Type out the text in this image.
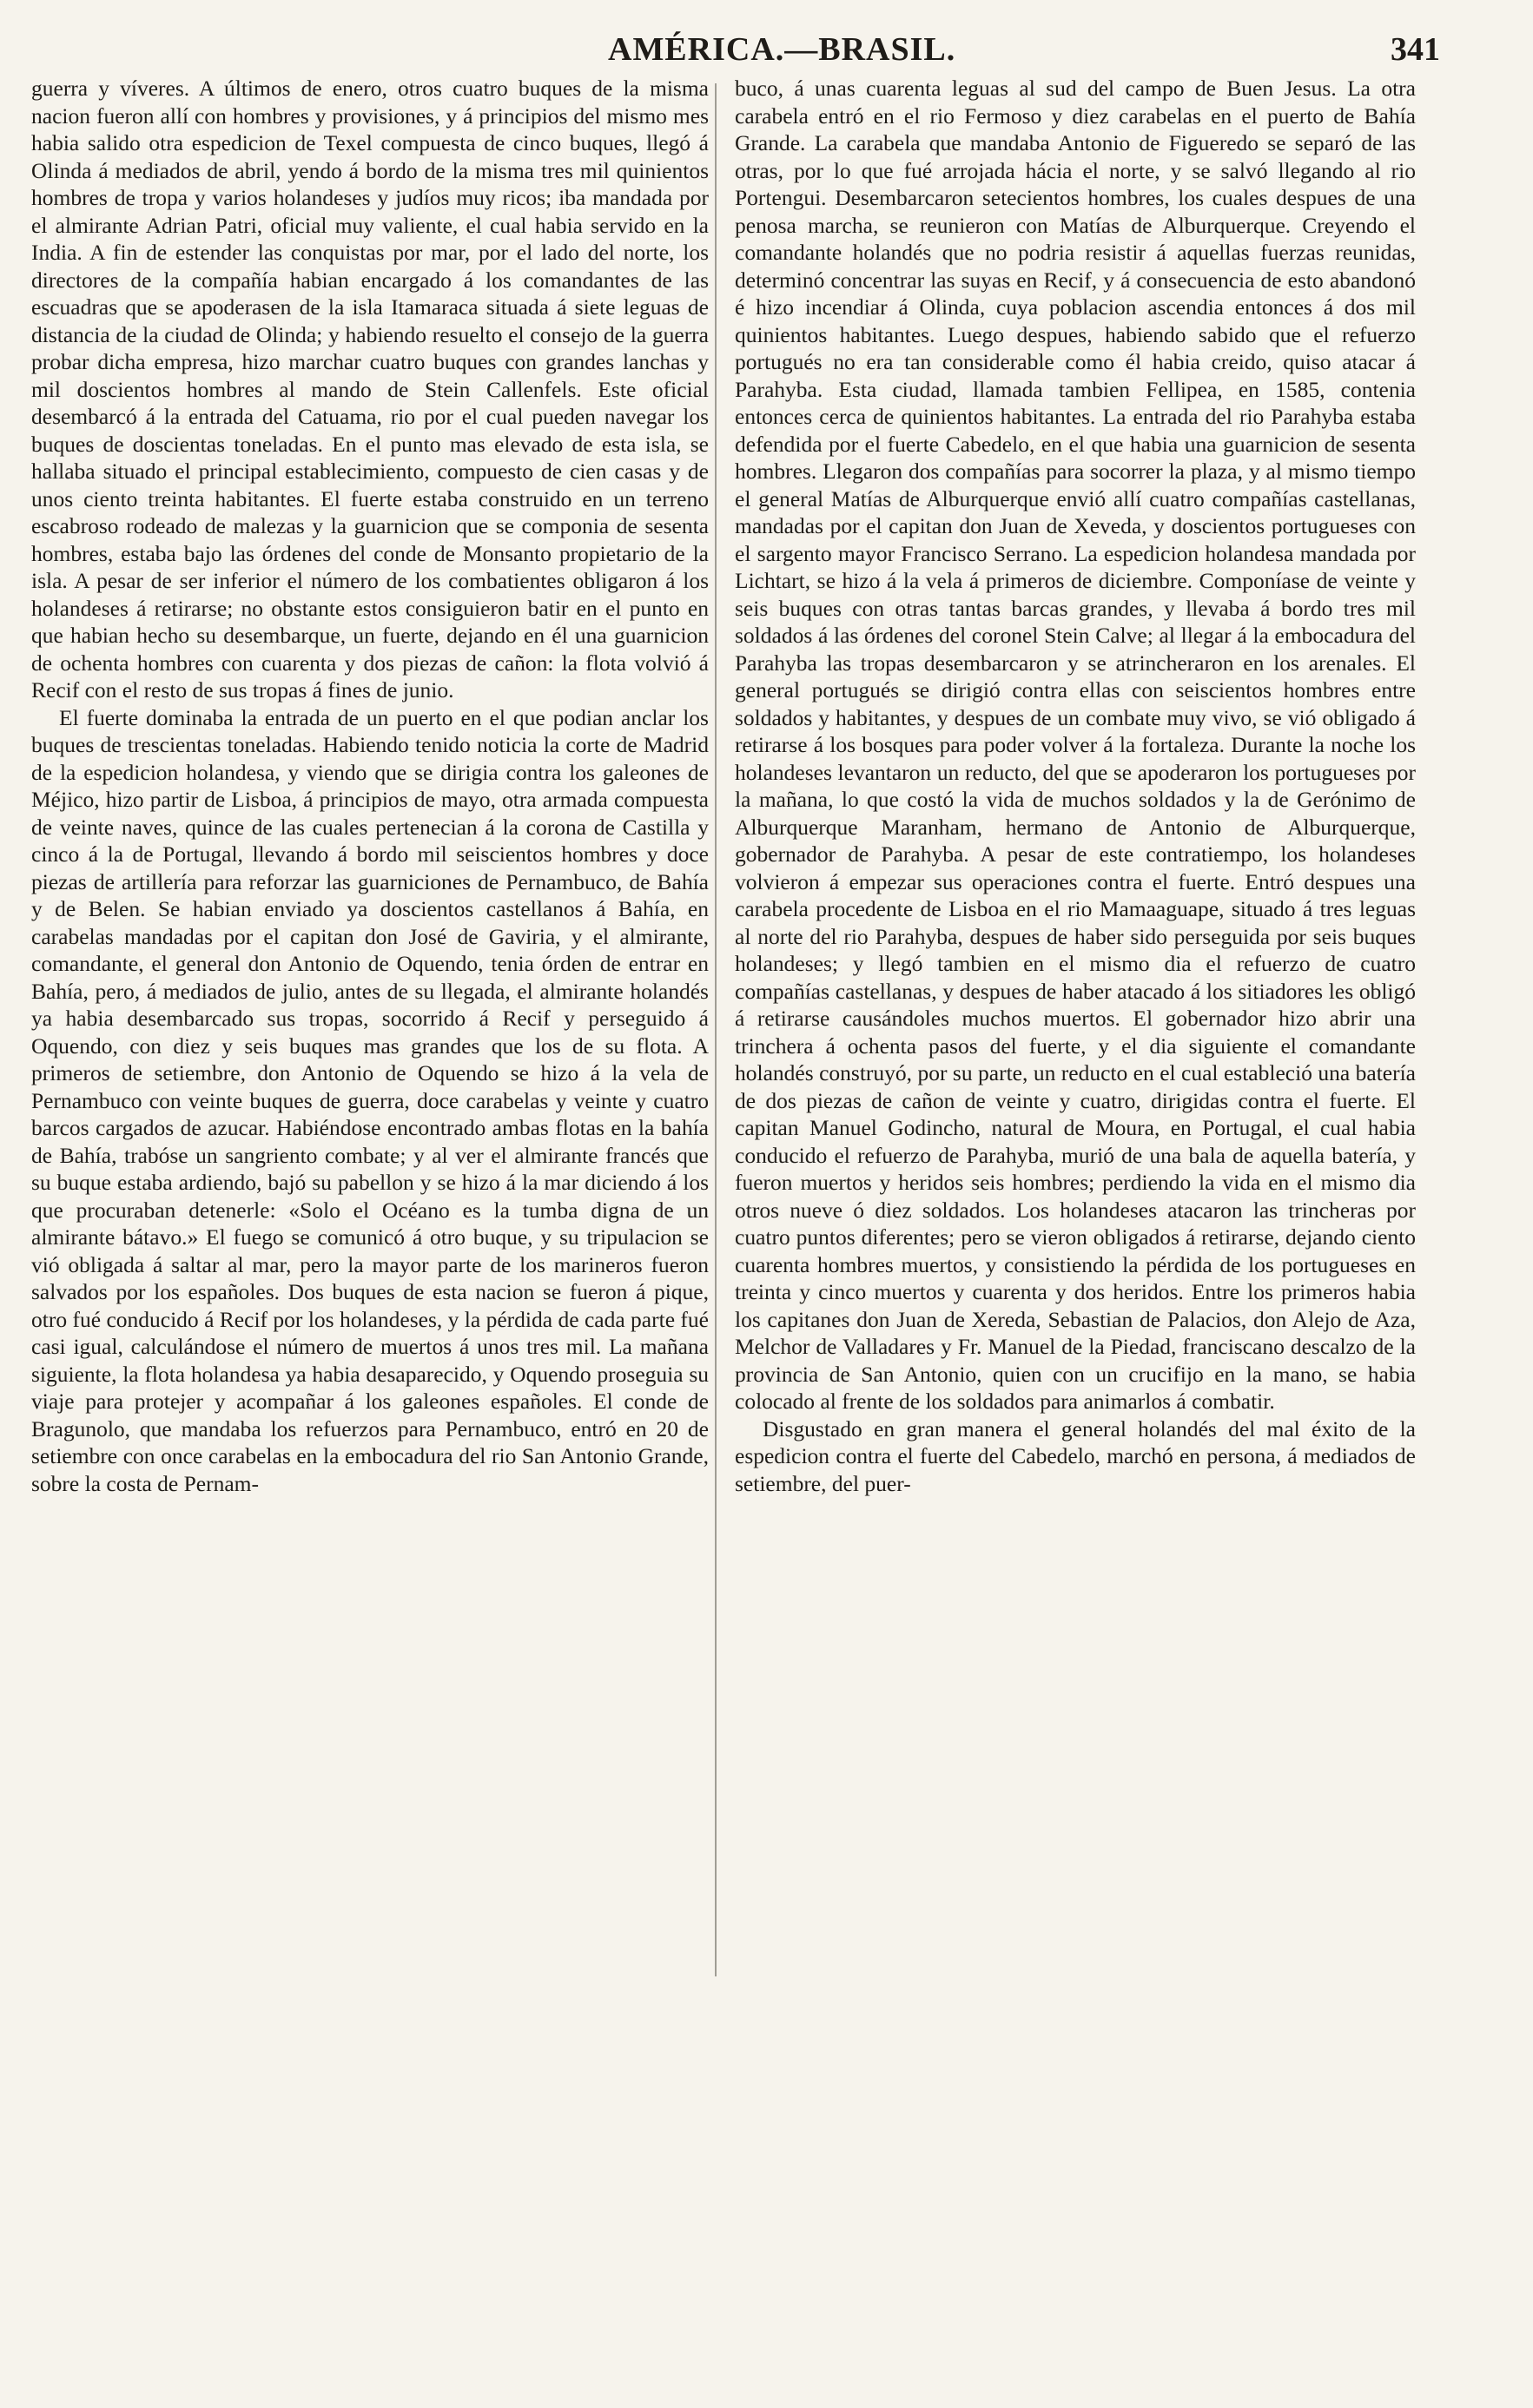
AMÉRICA.—BRASIL.	341

guerra y víveres. A últimos de enero, otros cuatro buques de la misma nacion fueron allí con hombres y provisiones, y á principios del mismo mes habia salido otra espedicion de Texel compuesta de cinco buques, llegó á Olinda á mediados de abril, yendo á bordo de la misma tres mil quinientos hombres de tropa y varios holandeses y judíos muy ricos; iba mandada por el almirante Adrian Patri, oficial muy valiente, el cual habia servido en la India. A fin de estender las conquistas por mar, por el lado del norte, los directores de la compañía habian encargado á los comandantes de las escuadras que se apoderasen de la isla Itamaraca situada á siete leguas de distancia de la ciudad de Olinda; y habiendo resuelto el consejo de la guerra probar dicha empresa, hizo marchar cuatro buques con grandes lanchas y mil doscientos hombres al mando de Stein Callenfels. Este oficial desembarcó á la entrada del Catuama, rio por el cual pueden navegar los buques de doscientas toneladas. En el punto mas elevado de esta isla, se hallaba situado el principal establecimiento, compuesto de cien casas y de unos ciento treinta habitantes. El fuerte estaba construido en un terreno escabroso rodeado de malezas y la guarnicion que se componia de sesenta hombres, estaba bajo las órdenes del conde de Monsanto propietario de la isla. A pesar de ser inferior el número de los combatientes obligaron á los holandeses á retirarse; no obstante estos consiguieron batir en el punto en que habian hecho su desembarque, un fuerte, dejando en él una guarnicion de ochenta hombres con cuarenta y dos piezas de cañon: la flota volvió á Recif con el resto de sus tropas á fines de junio.

El fuerte dominaba la entrada de un puerto en el que podian anclar los buques de trescientas toneladas. Habiendo tenido noticia la corte de Madrid de la espedicion holandesa, y viendo que se dirigia contra los galeones de Méjico, hizo partir de Lisboa, á principios de mayo, otra armada compuesta de veinte naves, quince de las cuales pertenecian á la corona de Castilla y cinco á la de Portugal, llevando á bordo mil seiscientos hombres y doce piezas de artillería para reforzar las guarniciones de Pernambuco, de Bahía y de Belen. Se habian enviado ya doscientos castellanos á Bahía, en carabelas mandadas por el capitan don José de Gaviria, y el almirante, comandante, el general don Antonio de Oquendo, tenia órden de entrar en Bahía, pero, á mediados de julio, antes de su llegada, el almirante holandés ya habia desembarcado sus tropas, socorrido á Recif y perseguido á Oquendo, con diez y seis buques mas grandes que los de su flota. A primeros de setiembre, don Antonio de Oquendo se hizo á la vela de Pernambuco con veinte buques de guerra, doce carabelas y veinte y cuatro barcos cargados de azucar. Habiéndose encontrado ambas flotas en la bahía de Bahía, trabóse un sangriento combate; y al ver el almirante francés que su buque estaba ardiendo, bajó su pabellon y se hizo á la mar diciendo á los que procuraban detenerle: «Solo el Océano es la tumba digna de un almirante bátavo.» El fuego se comunicó á otro buque, y su tripulacion se vió obligada á saltar al mar, pero la mayor parte de los marineros fueron salvados por los españoles. Dos buques de esta nacion se fueron á pique, otro fué conducido á Recif por los holandeses, y la pérdida de cada parte fué casi igual, calculándose el número de muertos á unos tres mil. La mañana siguiente, la flota holandesa ya habia desaparecido, y Oquendo proseguia su viaje para protejer y acompañar á los galeones españoles. El conde de Bragunolo, que mandaba los refuerzos para Pernambuco, entró en 20 de setiembre con once carabelas en la embocadura del rio San Antonio Grande, sobre la costa de Pernam-

buco, á unas cuarenta leguas al sud del campo de Buen Jesus. La otra carabela entró en el rio Fermoso y diez carabelas en el puerto de Bahía Grande. La carabela que mandaba Antonio de Figueredo se separó de las otras, por lo que fué arrojada hácia el norte, y se salvó llegando al rio Portengui. Desembarcaron setecientos hombres, los cuales despues de una penosa marcha, se reunieron con Matías de Alburquerque. Creyendo el comandante holandés que no podria resistir á aquellas fuerzas reunidas, determinó concentrar las suyas en Recif, y á consecuencia de esto abandonó é hizo incendiar á Olinda, cuya poblacion ascendia entonces á dos mil quinientos habitantes. Luego despues, habiendo sabido que el refuerzo portugués no era tan considerable como él habia creido, quiso atacar á Parahyba. Esta ciudad, llamada tambien Fellipea, en 1585, contenia entonces cerca de quinientos habitantes. La entrada del rio Parahyba estaba defendida por el fuerte Cabedelo, en el que habia una guarnicion de sesenta hombres. Llegaron dos compañías para socorrer la plaza, y al mismo tiempo el general Matías de Alburquerque envió allí cuatro compañías castellanas, mandadas por el capitan don Juan de Xeveda, y doscientos portugueses con el sargento mayor Francisco Serrano. La espedicion holandesa mandada por Lichtart, se hizo á la vela á primeros de diciembre. Componíase de veinte y seis buques con otras tantas barcas grandes, y llevaba á bordo tres mil soldados á las órdenes del coronel Stein Calve; al llegar á la embocadura del Parahyba las tropas desembarcaron y se atrincheraron en los arenales. El general portugués se dirigió contra ellas con seiscientos hombres entre soldados y habitantes, y despues de un combate muy vivo, se vió obligado á retirarse á los bosques para poder volver á la fortaleza. Durante la noche los holandeses levantaron un reducto, del que se apoderaron los portugueses por la mañana, lo que costó la vida de muchos soldados y la de Gerónimo de Alburquerque Maranham, hermano de Antonio de Alburquerque, gobernador de Parahyba. A pesar de este contratiempo, los holandeses volvieron á empezar sus operaciones contra el fuerte. Entró despues una carabela procedente de Lisboa en el rio Mamaaguape, situado á tres leguas al norte del rio Parahyba, despues de haber sido perseguida por seis buques holandeses; y llegó tambien en el mismo dia el refuerzo de cuatro compañías castellanas, y despues de haber atacado á los sitiadores les obligó á retirarse causándoles muchos muertos. El gobernador hizo abrir una trinchera á ochenta pasos del fuerte, y el dia siguiente el comandante holandés construyó, por su parte, un reducto en el cual estableció una batería de dos piezas de cañon de veinte y cuatro, dirigidas contra el fuerte. El capitan Manuel Godincho, natural de Moura, en Portugal, el cual habia conducido el refuerzo de Parahyba, murió de una bala de aquella batería, y fueron muertos y heridos seis hombres; perdiendo la vida en el mismo dia otros nueve ó diez soldados. Los holandeses atacaron las trincheras por cuatro puntos diferentes; pero se vieron obligados á retirarse, dejando ciento cuarenta hombres muertos, y consistiendo la pérdida de los portugueses en treinta y cinco muertos y cuarenta y dos heridos. Entre los primeros habia los capitanes don Juan de Xereda, Sebastian de Palacios, don Alejo de Aza, Melchor de Valladares y Fr. Manuel de la Piedad, franciscano descalzo de la provincia de San Antonio, quien con un crucifijo en la mano, se habia colocado al frente de los soldados para animarlos á combatir.

Disgustado en gran manera el general holandés del mal éxito de la espedicion contra el fuerte del Cabedelo, marchó en persona, á mediados de setiembre, del puer-
